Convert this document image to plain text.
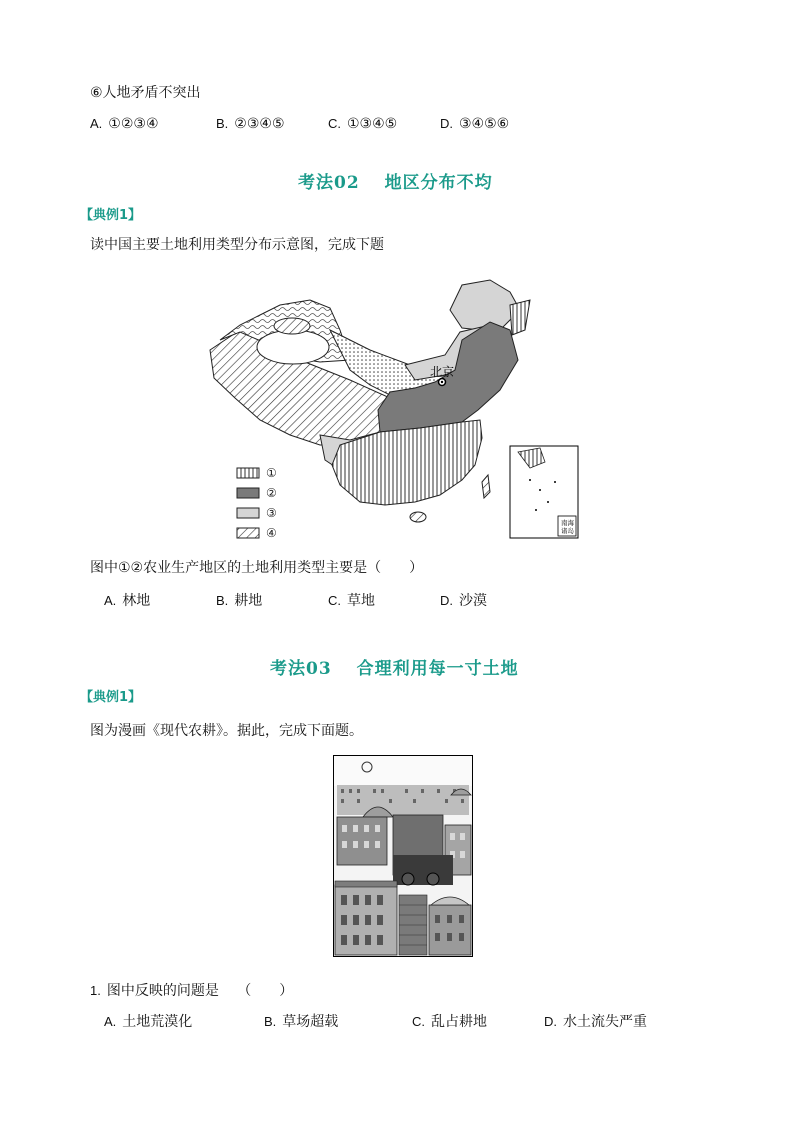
⑥人地矛盾不突出
A. ①②③④	B. ②③④⑤	C. ①③④⑤	D. ③④⑤⑥
考法02　 地区分布不均
【典例1】
读中国主要土地利用类型分布示意图，完成下题
北京
①
②
③
④
南海
诸岛
图中①②农业生产地区的土地利用类型主要是（　　）
A. 林地	B. 耕地	C. 草地	D. 沙漠
考法03　 合理利用每一寸土地
【典例1】
图为漫画《现代农耕》。据此，完成下面题。
1. 图中反映的问题是　 （　　）
A. 土地荒漠化	B. 草场超载	C. 乱占耕地	D. 水土流失严重
